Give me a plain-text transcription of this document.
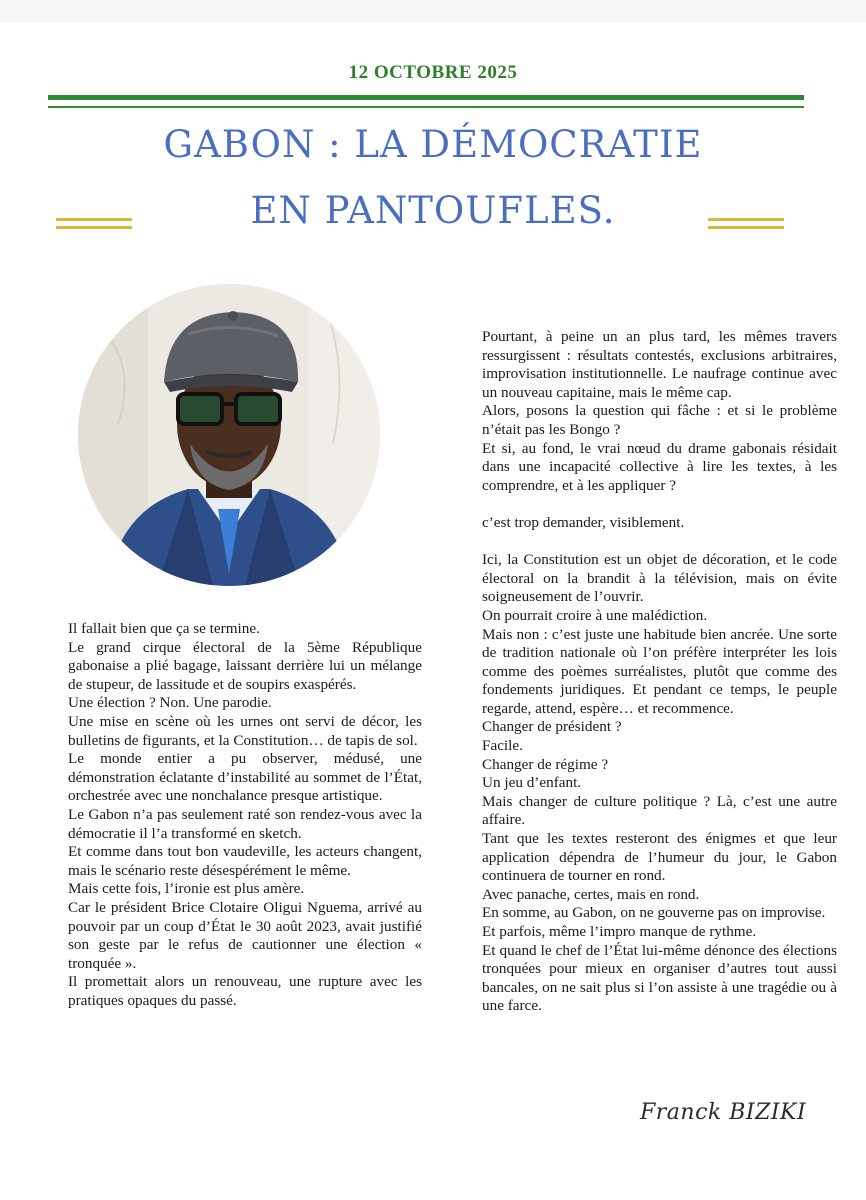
12 OCTOBRE 2025
GABON : LA DÉMOCRATIE EN PANTOUFLES.

Il fallait bien que ça se termine.

Le grand cirque électoral de la 5ème République gabonaise a plié bagage, laissant derrière lui un mélange de stupeur, de lassitude et de soupirs exaspérés.

Une élection ? Non. Une parodie.

Une mise en scène où les urnes ont servi de décor, les bulletins de figurants, et la Constitution… de tapis de sol.

Le monde entier a pu observer, médusé, une démonstration éclatante d’instabilité au sommet de l’État, orchestrée avec une nonchalance presque artistique.

Le Gabon n’a pas seulement raté son rendez-vous avec la démocratie il l’a transformé en sketch.

Et comme dans tout bon vaudeville, les acteurs changent, mais le scénario reste désespérément le même.

Mais cette fois, l’ironie est plus amère.

Car le président Brice Clotaire Oligui Nguema, arrivé au pouvoir par un coup d’État le 30 août 2023, avait justifié son geste par le refus de cautionner une élection « tronquée ».

Il promettait alors un renouveau, une rupture avec les pratiques opaques du passé.

Pourtant, à peine un an plus tard, les mêmes travers ressurgissent : résultats contestés, exclusions arbitraires, improvisation institutionnelle. Le naufrage continue avec un nouveau capitaine, mais le même cap.

Alors, posons la question qui fâche : et si le problème n’était pas les Bongo ?

Et si, au fond, le vrai nœud du drame gabonais résidait dans une incapacité collective à lire les textes, à les comprendre, et à les appliquer ?

c’est trop demander, visiblement.

Ici, la Constitution est un objet de décoration, et le code électoral on la brandit à la télévision, mais on évite soigneusement de l’ouvrir.

On pourrait croire à une malédiction.

Mais non : c’est juste une habitude bien ancrée. Une sorte de tradition nationale où l’on préfère interpréter les lois comme des poèmes surréalistes, plutôt que comme des fondements juridiques. Et pendant ce temps, le peuple regarde, attend, espère… et recommence.

Changer de président ?

Facile.

Changer de régime ?

Un jeu d’enfant.

Mais changer de culture politique ? Là, c’est une autre affaire.

Tant que les textes resteront des énigmes et que leur application dépendra de l’humeur du jour, le Gabon continuera de tourner en rond.

Avec panache, certes, mais en rond.

En somme, au Gabon, on ne gouverne pas on improvise.

Et parfois, même l’impro manque de rythme.

Et quand le chef de l’État lui-même dénonce des élections tronquées pour mieux en organiser d’autres tout aussi bancales, on ne sait plus si l’on assiste à une tragédie ou à une farce.

Franck BIZIKI
